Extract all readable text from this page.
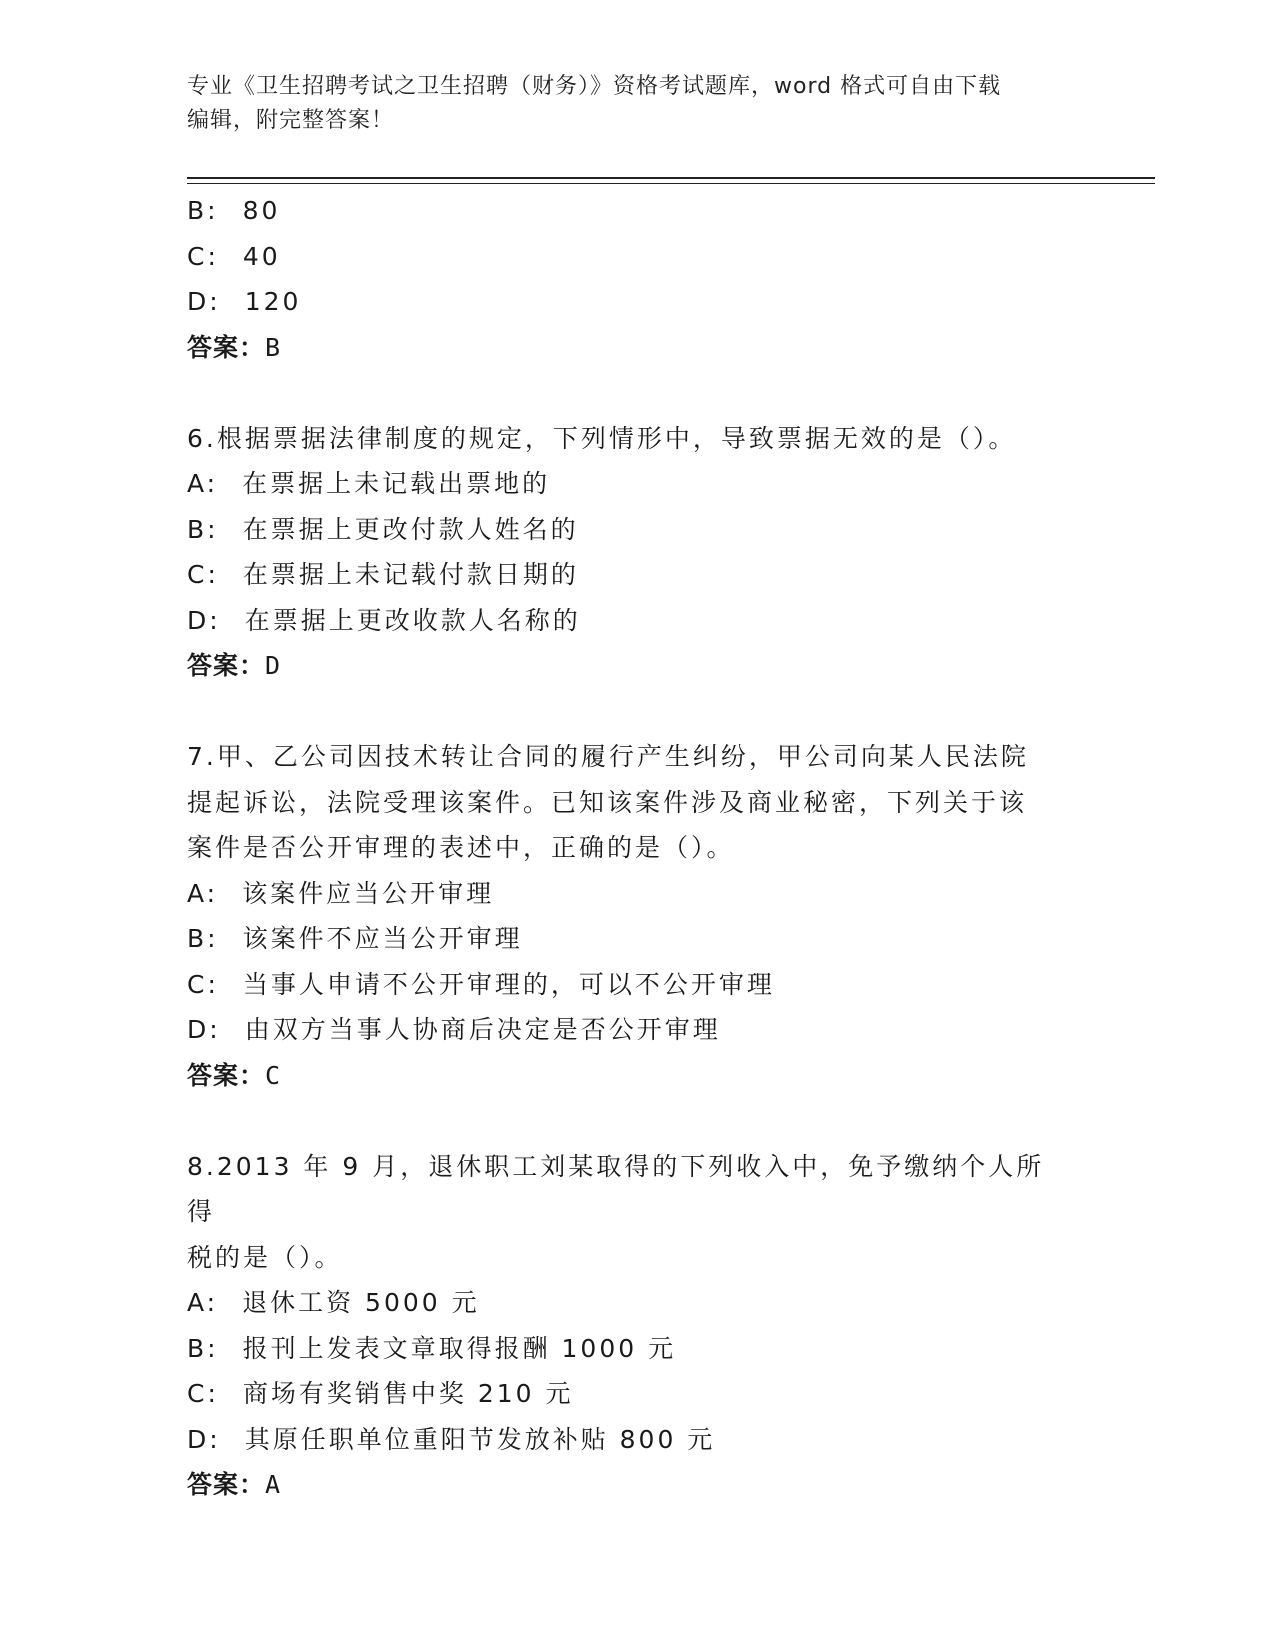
专业《卫生招聘考试之卫生招聘（财务）》资格考试题库，word 格式可自由下载
编辑，附完整答案！
B: 80
C: 40
D: 120
答案：B
6.根据票据法律制度的规定，下列情形中，导致票据无效的是（）。
A: 在票据上未记载出票地的
B: 在票据上更改付款人姓名的
C: 在票据上未记载付款日期的
D: 在票据上更改收款人名称的
答案：D
7.甲、乙公司因技术转让合同的履行产生纠纷，甲公司向某人民法院
提起诉讼，法院受理该案件。已知该案件涉及商业秘密，下列关于该
案件是否公开审理的表述中，正确的是（）。
A: 该案件应当公开审理
B: 该案件不应当公开审理
C: 当事人申请不公开审理的，可以不公开审理
D: 由双方当事人协商后决定是否公开审理
答案：C
8.2013 年 9 月，退休职工刘某取得的下列收入中，免予缴纳个人所得
税的是（）。
A: 退休工资 5000 元
B: 报刊上发表文章取得报酬 1000 元
C: 商场有奖销售中奖 210 元
D: 其原任职单位重阳节发放补贴 800 元
答案：A
